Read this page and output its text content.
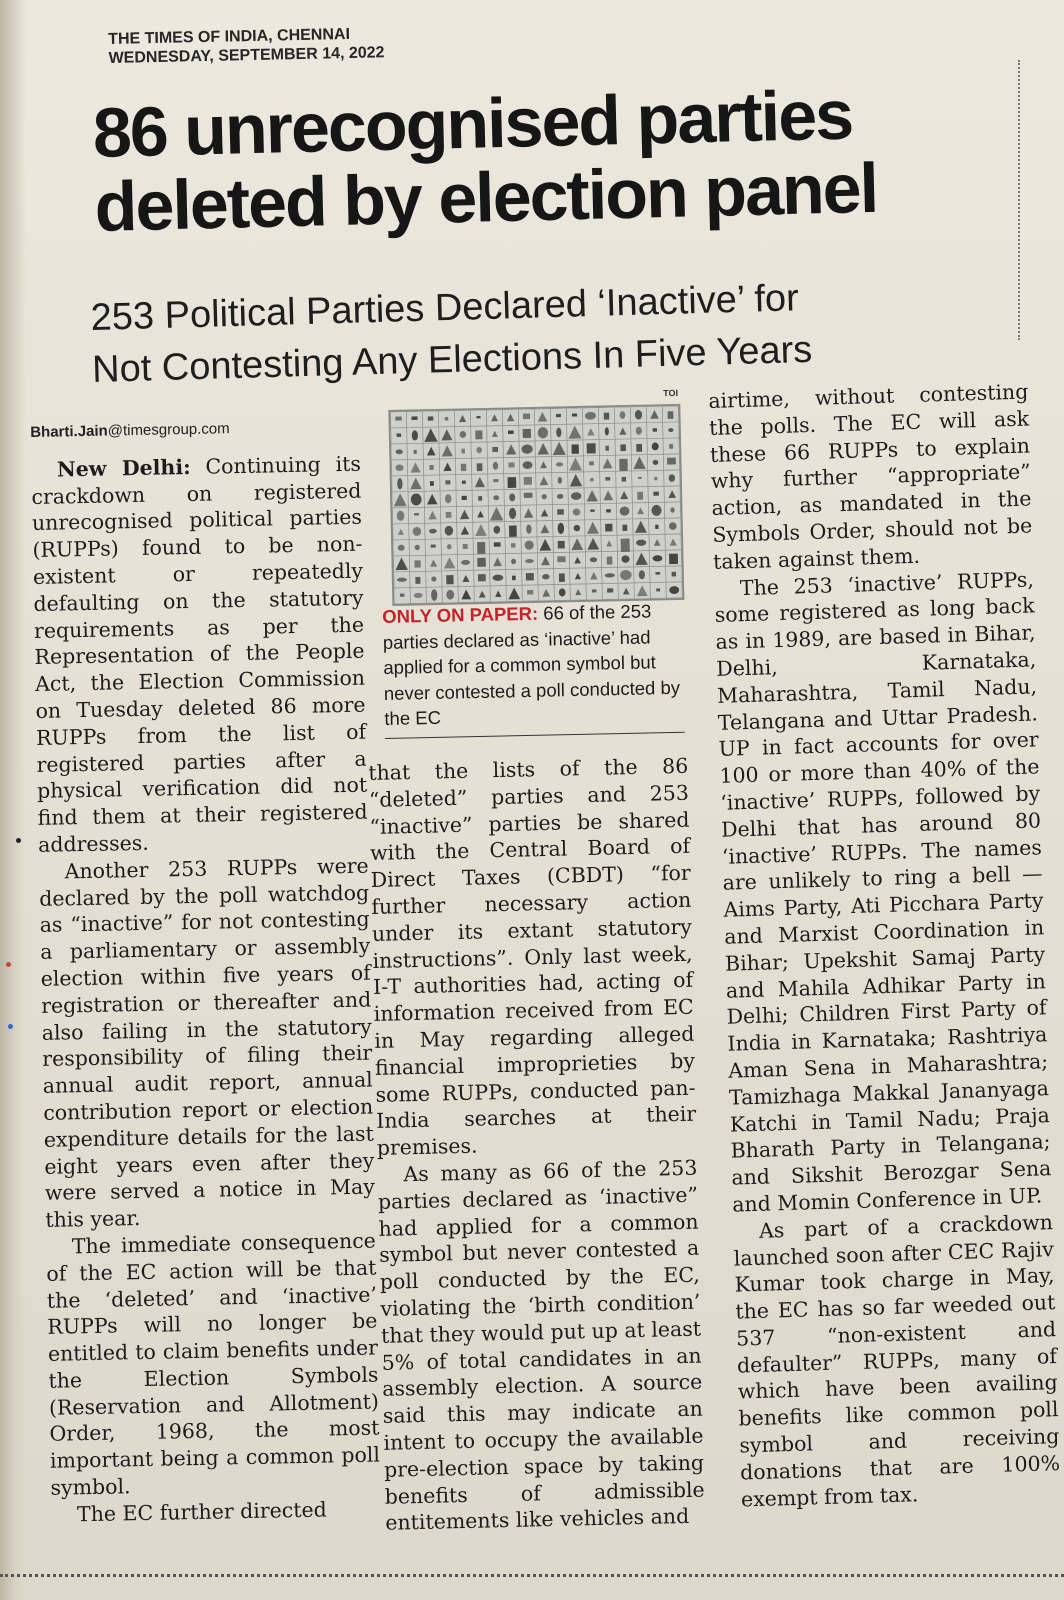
THE TIMES OF INDIA, CHENNAI
WEDNESDAY, SEPTEMBER 14, 2022
86 unrecognised parties
deleted by election panel
253 Political Parties Declared ‘Inactive’ for
Not Contesting Any Elections In Five Years
Bharti.Jain@timesgroup.com

New Delhi: Continuing its crackdown on registered unrecognised political parties (RUPPs) found to be non-existent or repeatedly defaulting on the statutory requirements as per the Representation of the People Act, the Election Commission on Tuesday deleted 86 more RUPPs from the list of registered parties after a physical verification did not find them at their registered addresses.

Another 253 RUPPs were declared by the poll watchdog as “inactive” for not contesting a parliamentary or assembly election within five years of registration or thereafter and also failing in the statutory responsibility of filing their annual audit report, annual contribution report or election expenditure details for the last eight years even after they were served a notice in May this year.

The immediate consequence of the EC action will be that the ‘deleted’ and ‘inactive’ RUPPs will no longer be entitled to claim benefits under the Election Symbols (Reservation and Allotment) Order, 1968, the most important being a common poll symbol.

The EC further directed

TOI
ONLY ON PAPER: 66 of the 253 parties declared as ‘inactive’ had applied for a common symbol but never contested a poll conducted by the EC

that the lists of the 86 “deleted” parties and 253 “inactive” parties be shared with the Central Board of Direct Taxes (CBDT) “for further necessary action under its extant statutory instructions”. Only last week, I-T authorities had, acting of information received from EC in May regarding alleged financial improprieties by some RUPPs, conducted pan-India searches at their premises.

As many as 66 of the 253 parties declared as ‘inactive” had applied for a common symbol but never contested a poll conducted by the EC, violating the ‘birth condition’ that they would put up at least 5% of total candidates in an assembly election. A source said this may indicate an intent to occupy the available pre-election space by taking benefits of admissible entitements like vehicles and

airtime, without contesting the polls. The EC will ask these 66 RUPPs to explain why further “appropriate” action, as mandated in the Symbols Order, should not be taken against them.

The 253 ‘inactive’ RUPPs, some registered as long back as in 1989, are based in Bihar, Delhi, Karnataka, Maharashtra, Tamil Nadu, Telangana and Uttar Pradesh. UP in fact accounts for over 100 or more than 40% of the ‘inactive’ RUPPs, followed by Delhi that has around 80 ‘inactive’ RUPPs. The names are unlikely to ring a bell — Aims Party, Ati Picchara Party and Marxist Coordination in Bihar; Upekshit Samaj Party and Mahila Adhikar Party in Delhi; Children First Party of India in Karnataka; Rashtriya Aman Sena in Maharashtra; Tamizhaga Makkal Jananyaga Katchi in Tamil Nadu; Praja Bharath Party in Telangana; and Sikshit Berozgar Sena and Momin Conference in UP.

As part of a crackdown launched soon after CEC Rajiv Kumar took charge in May, the EC has so far weeded out 537 “non-existent and defaulter” RUPPs, many of which have been availing benefits like common poll symbol and receiving donations that are 100% exempt from tax.
